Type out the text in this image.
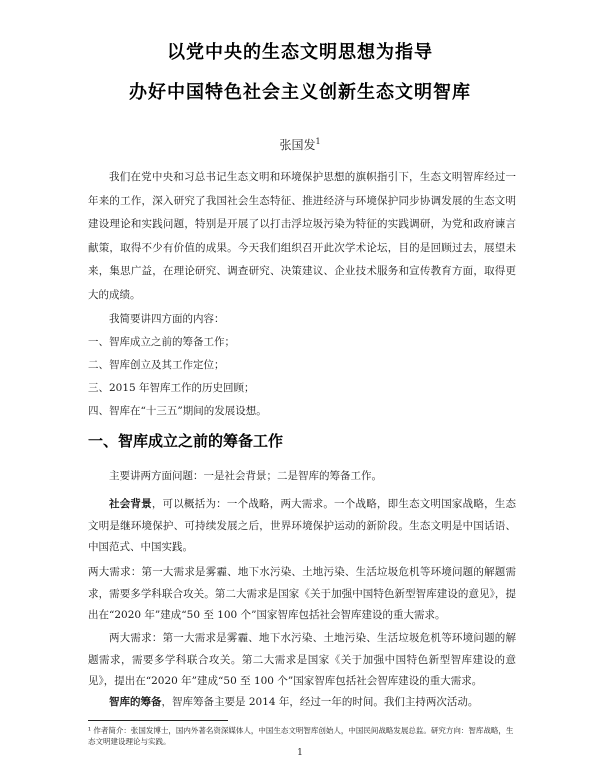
以党中央的生态文明思想为指导
办好中国特色社会主义创新生态文明智库
张国发$^1$
我们在党中央和习总书记生态文明和环境保护思想的旗帜指引下，生态文明智库经过一年来的工作，深入研究了我国社会生态特征、推进经济与环境保护同步协调发展的生态文明建设理论和实践问题，特别是开展了以打击浮垃圾污染为特征的实践调研，为党和政府谏言献策，取得不少有价值的成果。今天我们组织召开此次学术论坛，目的是回顾过去，展望未来，集思广益，在理论研究、调查研究、决策建议、企业技术服务和宣传教育方面，取得更大的成绩。
我简要讲四方面的内容：
一、智库成立之前的筹备工作；
二、智库创立及其工作定位；
三、2015 年智库工作的历史回顾；
四、智库在“十三五”期间的发展设想。
一、智库成立之前的筹备工作
主要讲两方面问题：一是社会背景；二是智库的筹备工作。
社会背景，可以概括为：一个战略，两大需求。一个战略，即生态文明国家战略，生态文明是继环境保护、可持续发展之后，世界环境保护运动的新阶段。生态文明是中国话语、中国范式、中国实践。
两大需求：第一大需求是雾霾、地下水污染、土地污染、生活垃圾危机等环境问题的解题需求，需要多学科联合攻关。第二大需求是国家《关于加强中国特色新型智库建设的意见》，提出在“2020 年”建成“50 至 100 个”国家智库包括社会智库建设的重大需求。
两大需求：第一大需求是雾霾、地下水污染、土地污染、生活垃圾危机等环境问题的解题需求，需要多学科联合攻关。第二大需求是国家《关于加强中国特色新型智库建设的意见》，提出在“2020 年”建成“50 至 100 个”国家智库包括社会智库建设的重大需求。
智库的筹备，智库筹备主要是 2014 年，经过一年的时间。我们主持两次活动。
¹ 作者简介：张国发博士，国内外著名资深媒体人，中国生态文明智库创始人，中国民间战略发展总监。研究方向：智库战略，生态文明建设理论与实践。
1
